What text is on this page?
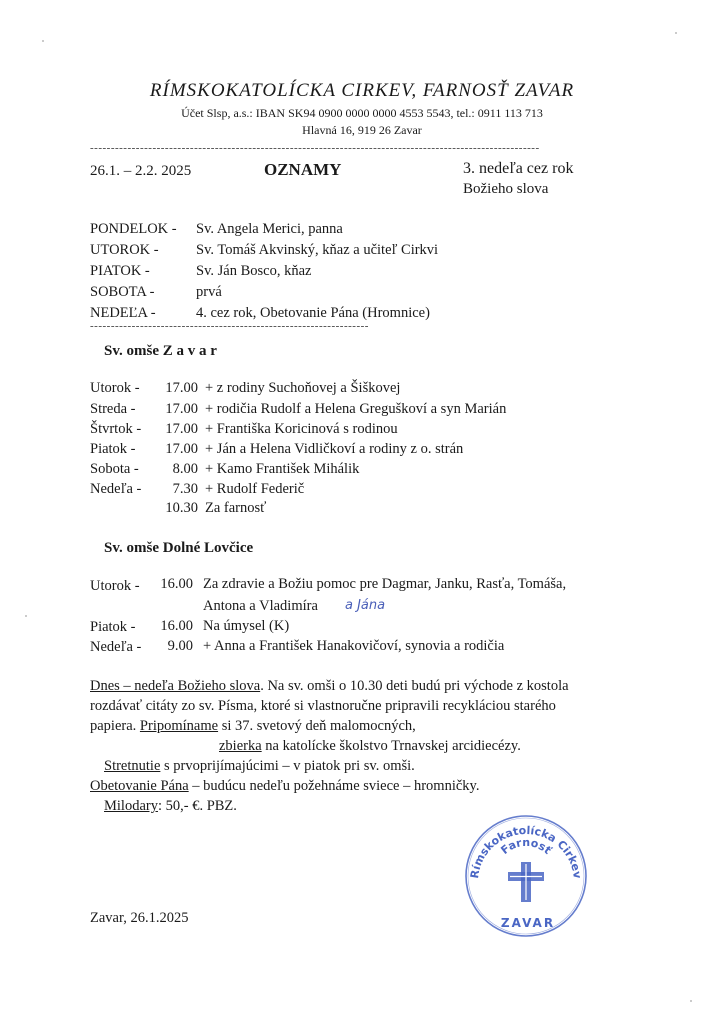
RÍMSKOKATOLÍCKA CIRKEV, FARNOSŤ ZAVAR
Účet Slsp, a.s.: IBAN SK94 0900 0000 0000 4553 5543, tel.: 0911 113 713
Hlavná 16, 919 26 Zavar
------------------------------------------------------------------------------------------------------------
26.1. – 2.2. 2025	OZNAMY	3. nedeľa cez rok
Božieho slova
PONDELOK - Sv. Angela Merici, panna
UTOROK -	Sv. Tomáš Akvinský, kňaz a učiteľ Cirkvi
PIATOK -	Sv. Ján Bosco, kňaz
SOBOTA -	prvá
NEDEĽA -	4. cez rok, Obetovanie Pána (Hromnice)
-------------------------------------------------------------------
Sv. omše Z a v a r
Utorok -	17.00 + z rodiny Suchoňovej a Šiškovej
Streda -	17.00 + rodičia Rudolf a Helena Greguškoví a syn Marián
Štvrtok -	17.00 + Františka Koricinová s rodinou
Piatok -	17.00 + Ján a Helena Vidličkoví a rodiny z o. strán
Sobota -	8.00 + Kamo František Mihálik
Nedeľa -	7.30 + Rudolf Federič
10.30 Za farnosť
Sv. omše Dolné Lovčice
Utorok -	16.00 Za zdravie a Božiu pomoc pre Dagmar, Janku, Rasťa, Tomáša,
Antona a Vladimíra a Jána
Piatok -	16.00 Na úmysel (K)
Nedeľa -	9.00 + Anna a František Hanakovičoví, synovia a rodičia
Dnes – nedeľa Božieho slova. Na sv. omši o 10.30 deti budú pri východe z kostola
rozdávať citáty zo sv. Písma, ktoré si vlastnoručne pripravili recykláciou starého
papiera. Pripomíname si 37. svetový deň malomocných,
zbierka na katolícke školstvo Trnavskej arcidiecézy.
Stretnutie s prvoprijímajúcimi – v piatok pri sv. omši.
Obetovanie Pána – budúcu nedeľu požehnáme sviece – hromničky.
Milodary: 50,- €. PBZ.
Rímskokatolícka Cirkev
Farnosť
ZAVAR
Zavar, 26.1.2025
